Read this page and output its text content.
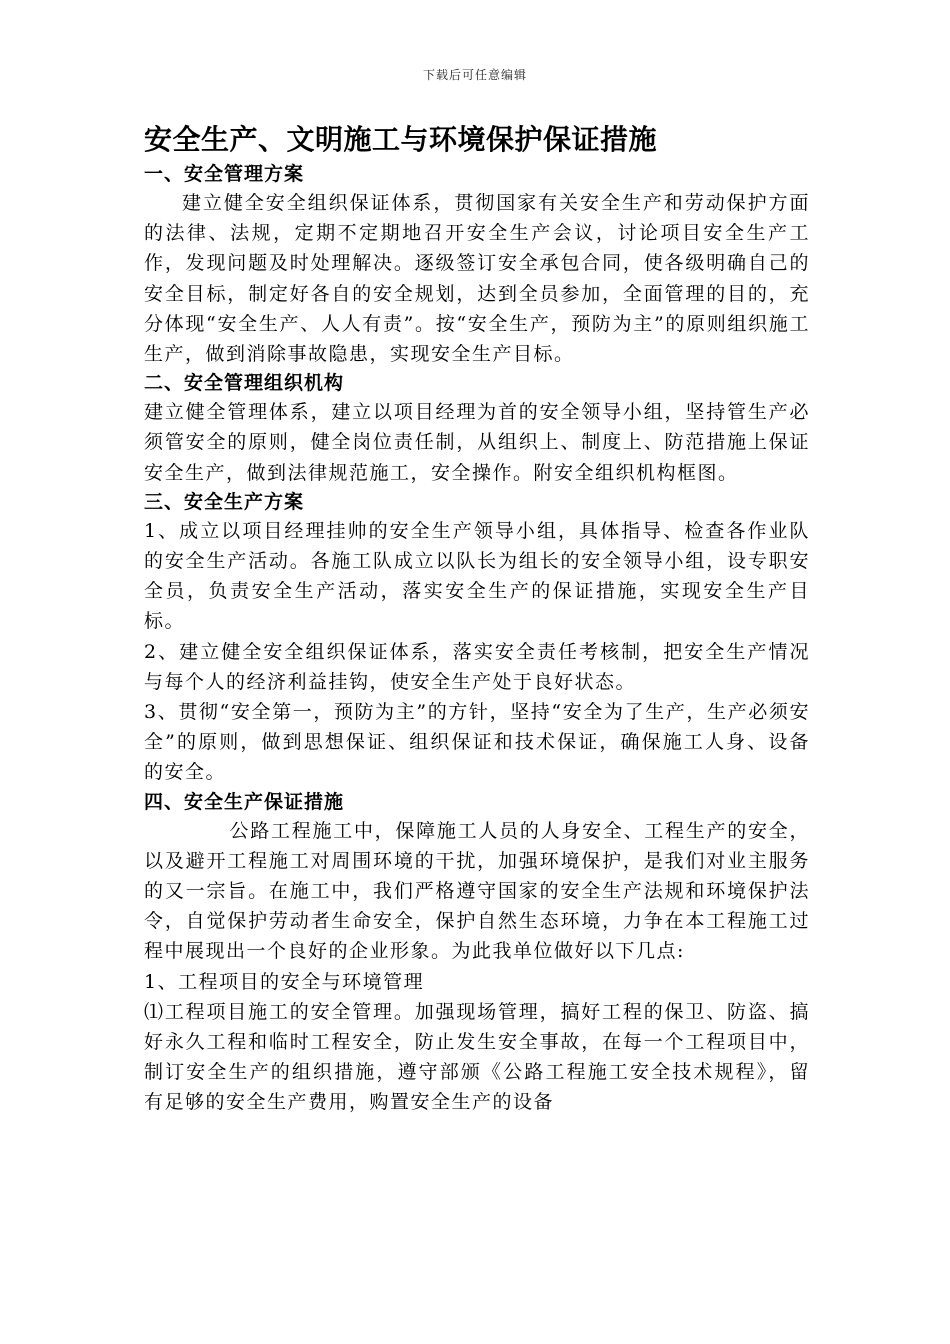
下载后可任意编辑
安全生产、文明施工与环境保护保证措施
一、安全管理方案

建立健全安全组织保证体系，贯彻国家有关安全生产和劳动保护方面的法律、法规，定期不定期地召开安全生产会议，讨论项目安全生产工作，发现问题及时处理解决。逐级签订安全承包合同，使各级明确自己的安全目标，制定好各自的安全规划，达到全员参加，全面管理的目的，充分体现“安全生产、人人有责”。按“安全生产，预防为主”的原则组织施工生产，做到消除事故隐患，实现安全生产目标。

二、安全管理组织机构

建立健全管理体系，建立以项目经理为首的安全领导小组，坚持管生产必须管安全的原则，健全岗位责任制，从组织上、制度上、防范措施上保证安全生产，做到法律规范施工，安全操作。附安全组织机构框图。

三、安全生产方案

1、成立以项目经理挂帅的安全生产领导小组，具体指导、检查各作业队的安全生产活动。各施工队成立以队长为组长的安全领导小组，设专职安全员，负责安全生产活动，落实安全生产的保证措施，实现安全生产目标。

2、建立健全安全组织保证体系，落实安全责任考核制，把安全生产情况与每个人的经济利益挂钩，使安全生产处于良好状态。

3、贯彻“安全第一，预防为主”的方针，坚持“安全为了生产，生产必须安全”的原则，做到思想保证、组织保证和技术保证，确保施工人身、设备的安全。

四、安全生产保证措施

公路工程施工中，保障施工人员的人身安全、工程生产的安全，以及避开工程施工对周围环境的干扰，加强环境保护，是我们对业主服务的又一宗旨。在施工中，我们严格遵守国家的安全生产法规和环境保护法令，自觉保护劳动者生命安全，保护自然生态环境，力争在本工程施工过程中展现出一个良好的企业形象。为此我单位做好以下几点:

1、工程项目的安全与环境管理

⑴工程项目施工的安全管理。加强现场管理，搞好工程的保卫、防盗、搞好永久工程和临时工程安全，防止发生安全事故，在每一个工程项目中，制订安全生产的组织措施，遵守部颁《公路工程施工安全技术规程》，留有足够的安全生产费用，购置安全生产的设备
